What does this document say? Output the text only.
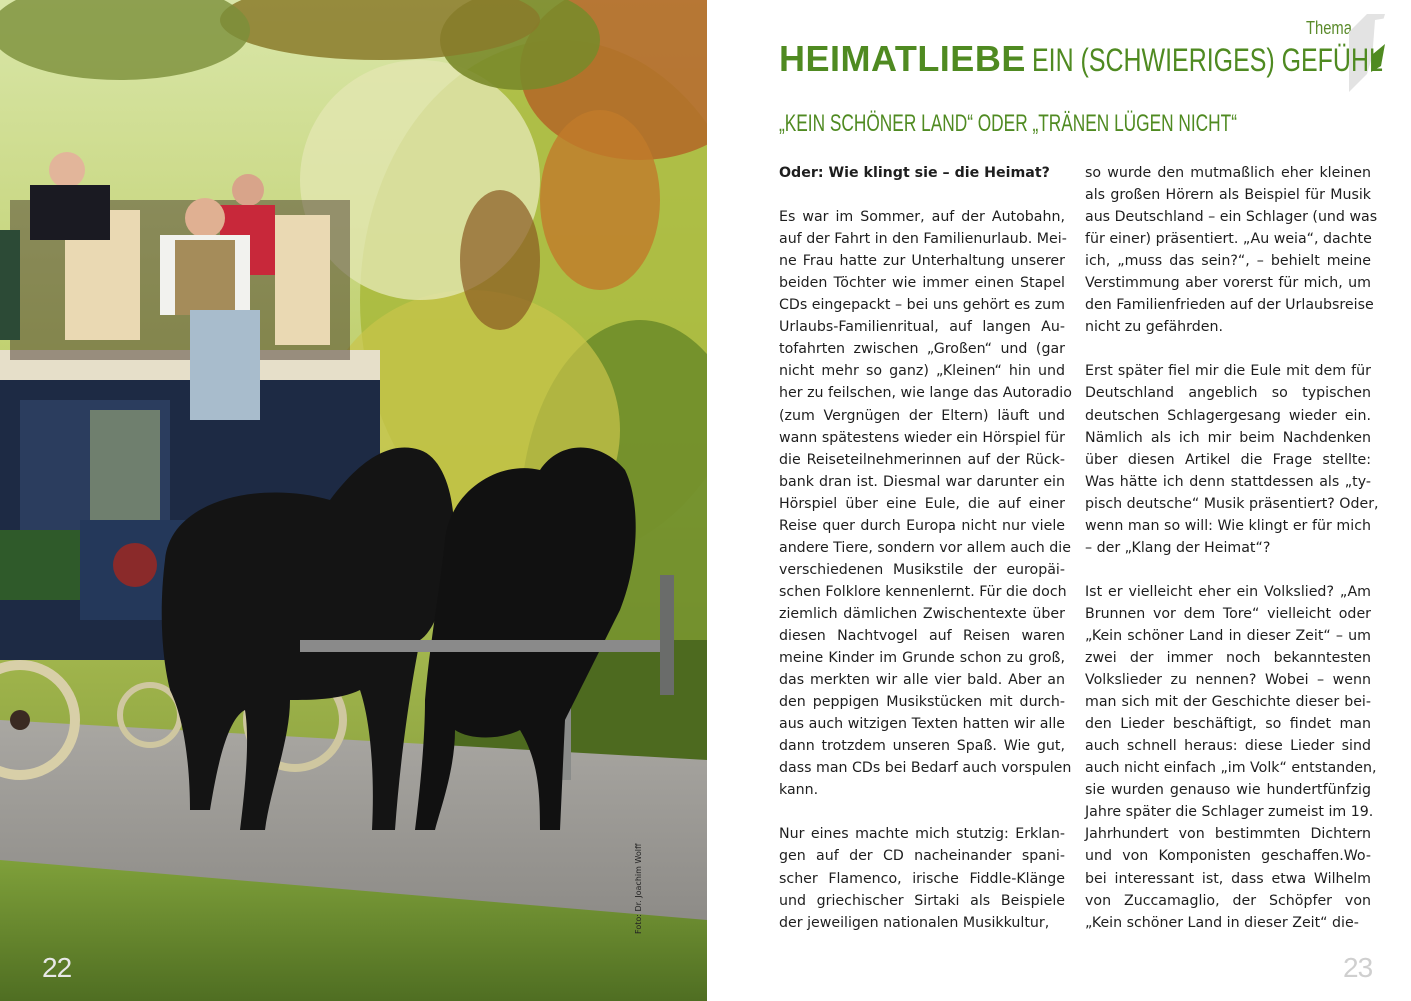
Foto: Dr. Joachim Wolff
22
Thema
HEIMATLIEBE EIN (SCHWIERIGES) GEFÜHL
„KEIN SCHÖNER LAND“ ODER „TRÄNEN LÜGEN NICHT“
Oder: Wie klingt sie – die Heimat?
Es war im Sommer, auf der Autobahn,
auf der Fahrt in den Familienurlaub. Mei-
ne Frau hatte zur Unterhaltung unserer
beiden Töchter wie immer einen Stapel
CDs eingepackt – bei uns gehört es zum
Urlaubs-Familienritual, auf langen Au-
tofahrten zwischen „Großen“ und (gar
nicht mehr so ganz) „Kleinen“ hin und
her zu feilschen, wie lange das Autoradio
(zum Vergnügen der Eltern) läuft und
wann spätestens wieder ein Hörspiel für
die Reiseteilnehmerinnen auf der Rück-
bank dran ist. Diesmal war darunter ein
Hörspiel über eine Eule, die auf einer
Reise quer durch Europa nicht nur viele
andere Tiere, sondern vor allem auch die
verschiedenen Musikstile der europäi-
schen Folklore kennenlernt. Für die doch
ziemlich dämlichen Zwischentexte über
diesen Nachtvogel auf Reisen waren
meine Kinder im Grunde schon zu groß,
das merkten wir alle vier bald. Aber an
den peppigen Musikstücken mit durch-
aus auch witzigen Texten hatten wir alle
dann trotzdem unseren Spaß. Wie gut,
dass man CDs bei Bedarf auch vorspulen
kann.
Nur eines machte mich stutzig: Erklan-
gen auf der CD nacheinander spani-
scher Flamenco, irische Fiddle-Klänge
und griechischer Sirtaki als Beispiele
der jeweiligen nationalen Musikkultur,
so wurde den mutmaßlich eher kleinen
als großen Hörern als Beispiel für Musik
aus Deutschland – ein Schlager (und was
für einer) präsentiert. „Au weia“, dachte
ich, „muss das sein?“, – behielt meine
Verstimmung aber vorerst für mich, um
den Familienfrieden auf der Urlaubsreise
nicht zu gefährden.
Erst später fiel mir die Eule mit dem für
Deutschland angeblich so typischen
deutschen Schlagergesang wieder ein.
Nämlich als ich mir beim Nachdenken
über diesen Artikel die Frage stellte:
Was hätte ich denn stattdessen als „ty-
pisch deutsche“ Musik präsentiert? Oder,
wenn man so will: Wie klingt er für mich
– der „Klang der Heimat“?
Ist er vielleicht eher ein Volkslied? „Am
Brunnen vor dem Tore“ vielleicht oder
„Kein schöner Land in dieser Zeit“ – um
zwei der immer noch bekanntesten
Volkslieder zu nennen? Wobei – wenn
man sich mit der Geschichte dieser bei-
den Lieder beschäftigt, so findet man
auch schnell heraus: diese Lieder sind
auch nicht einfach „im Volk“ entstanden,
sie wurden genauso wie hundertfünfzig
Jahre später die Schlager zumeist im 19.
Jahrhundert von bestimmten Dichtern
und von Komponisten geschaffen.Wo-
bei interessant ist, dass etwa Wilhelm
von Zuccamaglio, der Schöpfer von
„Kein schöner Land in dieser Zeit“ die-
23
